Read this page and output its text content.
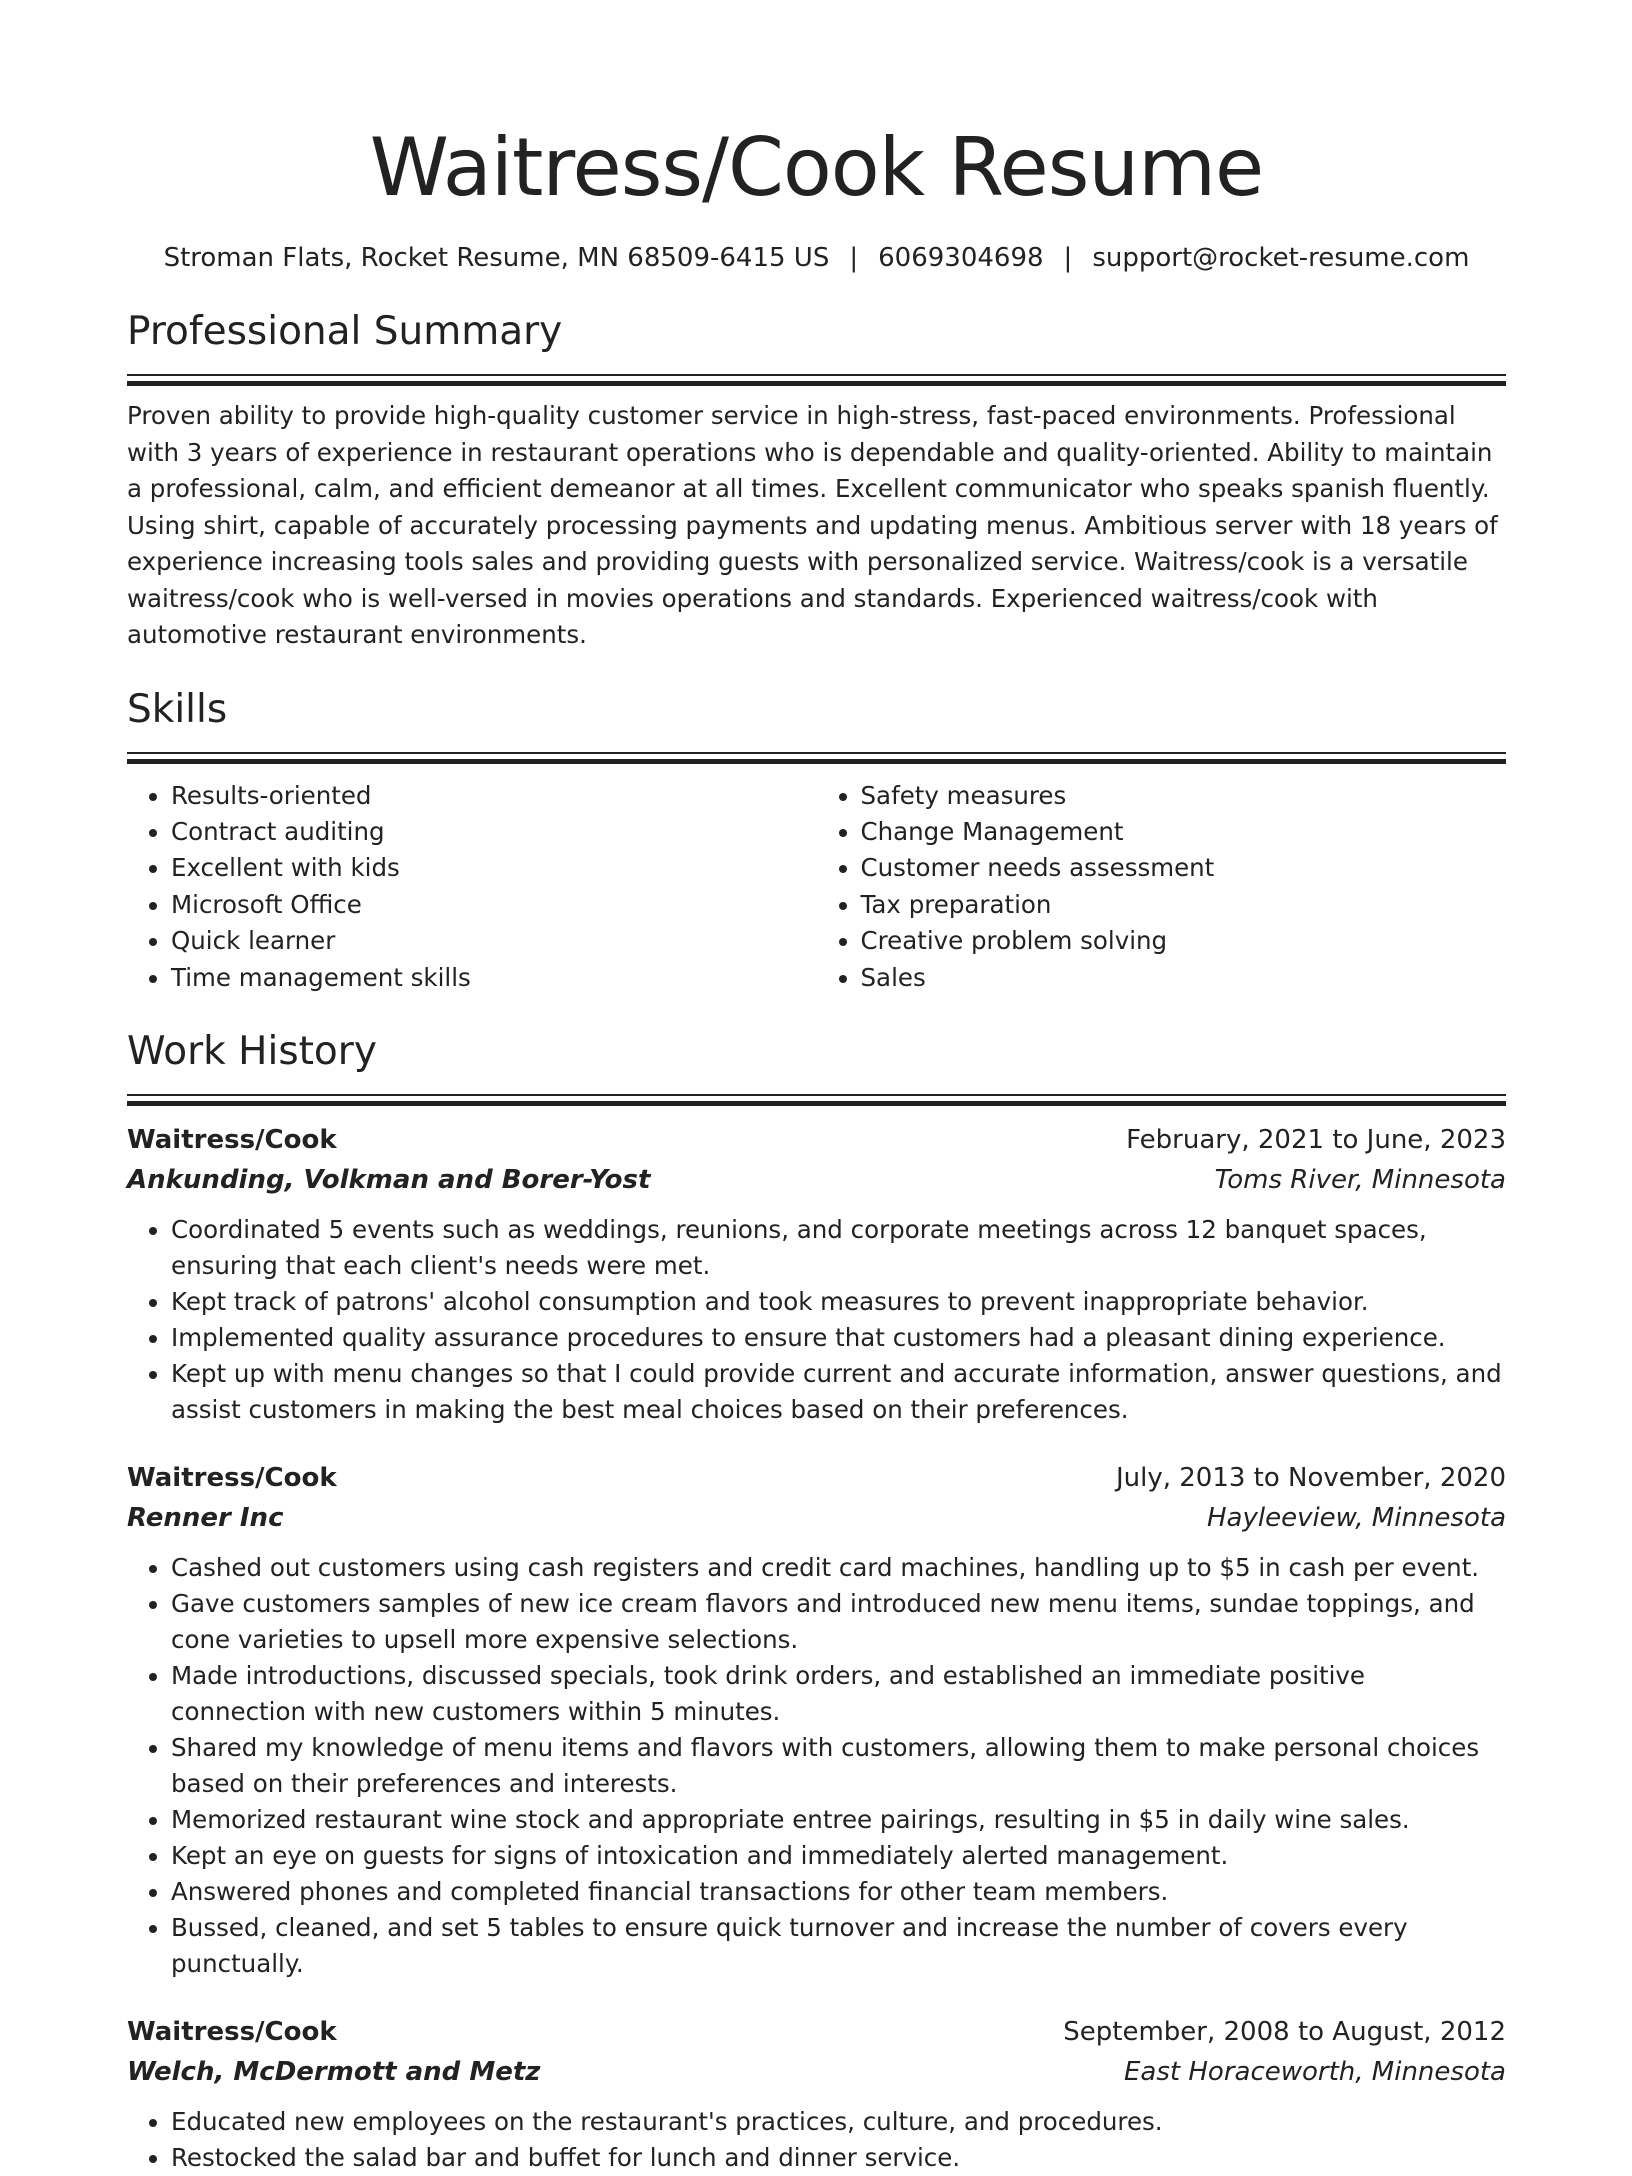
Waitress/Cook Resume
Stroman Flats, Rocket Resume, MN 68509-6415 US | 6069304698 | support@rocket-resume.com
Professional Summary
Proven ability to provide high-quality customer service in high-stress, fast-paced environments. Professional with 3 years of experience in restaurant operations who is dependable and quality-oriented. Ability to maintain a professional, calm, and efficient demeanor at all times. Excellent communicator who speaks spanish fluently. Using shirt, capable of accurately processing payments and updating menus. Ambitious server with 18 years of experience increasing tools sales and providing guests with personalized service. Waitress/cook is a versatile waitress/cook who is well-versed in movies operations and standards. Experienced waitress/cook with automotive restaurant environments.
Skills
• Results-oriented
• Contract auditing
• Excellent with kids
• Microsoft Office
• Quick learner
• Time management skills
• Safety measures
• Change Management
• Customer needs assessment
• Tax preparation
• Creative problem solving
• Sales
Work History
Waitress/Cook	February, 2021 to June, 2023
Ankunding, Volkman and Borer-Yost	Toms River, Minnesota
• Coordinated 5 events such as weddings, reunions, and corporate meetings across 12 banquet spaces, ensuring that each client's needs were met.
• Kept track of patrons' alcohol consumption and took measures to prevent inappropriate behavior.
• Implemented quality assurance procedures to ensure that customers had a pleasant dining experience.
• Kept up with menu changes so that I could provide current and accurate information, answer questions, and assist customers in making the best meal choices based on their preferences.
Waitress/Cook	July, 2013 to November, 2020
Renner Inc	Hayleeview, Minnesota
• Cashed out customers using cash registers and credit card machines, handling up to $5 in cash per event.
• Gave customers samples of new ice cream flavors and introduced new menu items, sundae toppings, and cone varieties to upsell more expensive selections.
• Made introductions, discussed specials, took drink orders, and established an immediate positive connection with new customers within 5 minutes.
• Shared my knowledge of menu items and flavors with customers, allowing them to make personal choices based on their preferences and interests.
• Memorized restaurant wine stock and appropriate entree pairings, resulting in $5 in daily wine sales.
• Kept an eye on guests for signs of intoxication and immediately alerted management.
• Answered phones and completed financial transactions for other team members.
• Bussed, cleaned, and set 5 tables to ensure quick turnover and increase the number of covers every punctually.
Waitress/Cook	September, 2008 to August, 2012
Welch, McDermott and Metz	East Horaceworth, Minnesota
• Educated new employees on the restaurant's practices, culture, and procedures.
• Restocked the salad bar and buffet for lunch and dinner service.
